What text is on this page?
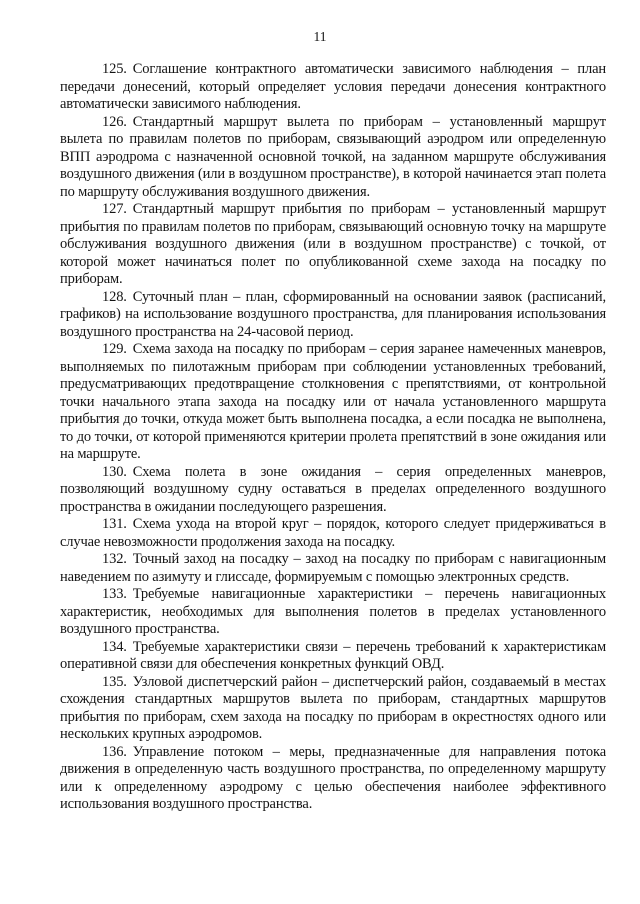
11

125. Соглашение контрактного автоматически зависимого наблюдения – план передачи донесений, который определяет условия передачи донесения контрактного автоматически зависимого наблюдения.

126. Стандартный маршрут вылета по приборам – установленный маршрут вылета по правилам полетов по приборам, связывающий аэродром или определенную ВПП аэродрома с назначенной основной точкой, на заданном маршруте обслуживания воздушного движения (или в воздушном пространстве), в которой начинается этап полета по маршруту обслуживания воздушного движения.

127. Стандартный маршрут прибытия по приборам – установленный маршрут прибытия по правилам полетов по приборам, связывающий основную точку на маршруте обслуживания воздушного движения (или в воздушном пространстве) с точкой, от которой может начинаться полет по опубликованной схеме захода на посадку по приборам.

128. Суточный план – план, сформированный на основании заявок (расписаний, графиков) на использование воздушного пространства, для планирования использования воздушного пространства на 24-часовой период.

129. Схема захода на посадку по приборам – серия заранее намеченных маневров, выполняемых по пилотажным приборам при соблюдении установленных требований, предусматривающих предотвращение столкновения с препятствиями, от контрольной точки начального этапа захода на посадку или от начала установленного маршрута прибытия до точки, откуда может быть выполнена посадка, а если посадка не выполнена, то до точки, от которой применяются критерии пролета препятствий в зоне ожидания или на маршруте.

130. Схема полета в зоне ожидания – серия определенных маневров, позволяющий воздушному судну оставаться в пределах определенного воздушного пространства в ожидании последующего разрешения.

131. Схема ухода на второй круг – порядок, которого следует придерживаться в случае невозможности продолжения захода на посадку.

132. Точный заход на посадку – заход на посадку по приборам с навигационным наведением по азимуту и глиссаде, формируемым с помощью электронных средств.

133. Требуемые навигационные характеристики – перечень навигационных характеристик, необходимых для выполнения полетов в пределах установленного воздушного пространства.

134. Требуемые характеристики связи – перечень требований к характеристикам оперативной связи для обеспечения конкретных функций ОВД.

135. Узловой диспетчерский район – диспетчерский район, создаваемый в местах схождения стандартных маршрутов вылета по приборам, стандартных маршрутов прибытия по приборам, схем захода на посадку по приборам в окрестностях одного или нескольких крупных аэродромов.

136. Управление потоком – меры, предназначенные для направления потока движения в определенную часть воздушного пространства, по определенному маршруту или к определенному аэродрому с целью обеспечения наиболее эффективного использования воздушного пространства.
